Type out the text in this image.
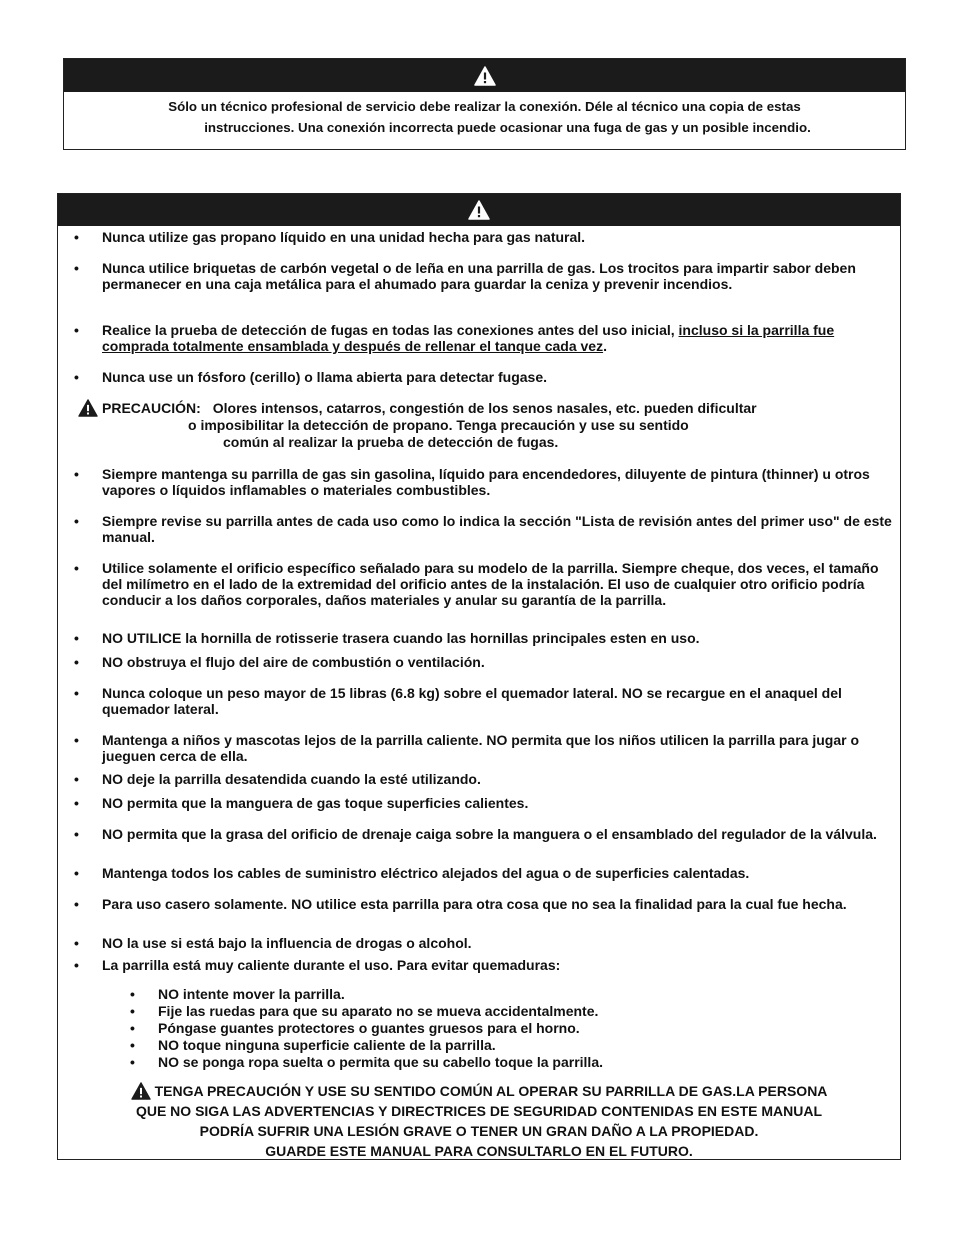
Sólo un técnico profesional de servicio debe realizar la conexión. Déle al técnico una copia de estas
instrucciones. Una conexión incorrecta puede ocasionar una fuga de gas y un posible incendio.
• Nunca utilize gas propano líquido en una unidad hecha para gas natural.
• Nunca utilice briquetas de carbón vegetal o de leña en una parrilla de gas. Los trocitos para impartir sabor deben permanecer en una caja metálica para el ahumado para guardar la ceniza y prevenir incendios.
• Realice la prueba de detección de fugas en todas las conexiones antes del uso inicial, incluso si la parrilla fue comprada totalmente ensamblada y después de rellenar el tanque cada vez.
• Nunca use un fósforo (cerillo) o llama abierta para detectar fugase.
PRECAUCIÓN: Olores intensos, catarros, congestión de los senos nasales, etc. pueden dificultar
o imposibilitar la detección de propano. Tenga precaución y use su sentido
común al realizar la prueba de detección de fugas.
• Siempre mantenga su parrilla de gas sin gasolina, líquido para encendedores, diluyente de pintura (thinner) u otros vapores o líquidos inflamables o materiales combustibles.
• Siempre revise su parrilla antes de cada uso como lo indica la sección "Lista de revisión antes del primer uso" de este manual.
• Utilice solamente el orificio específico señalado para su modelo de la parrilla. Siempre cheque, dos veces, el tamaño del milímetro en el lado de la extremidad del orificio antes de la instalación. El uso de cualquier otro orificio podría conducir a los daños corporales, daños materiales y anular su garantía de la parrilla.
• NO UTILICE la hornilla de rotisserie trasera cuando las hornillas principales esten en uso.
• NO obstruya el flujo del aire de combustión o ventilación.
• Nunca coloque un peso mayor de 15 libras (6.8 kg) sobre el quemador lateral. NO se recargue en el anaquel del quemador lateral.
• Mantenga a niños y mascotas lejos de la parrilla caliente. NO permita que los niños utilicen la parrilla para jugar o jueguen cerca de ella.
• NO deje la parrilla desatendida cuando la esté utilizando.
• NO permita que la manguera de gas toque superficies calientes.
• NO permita que la grasa del orificio de drenaje caiga sobre la manguera o el ensamblado del regulador de la válvula.
• Mantenga todos los cables de suministro eléctrico alejados del agua o de superficies calentadas.
• Para uso casero solamente. NO utilice esta parrilla para otra cosa que no sea la finalidad para la cual fue hecha.
• NO la use si está bajo la influencia de drogas o alcohol.
• La parrilla está muy caliente durante el uso. Para evitar quemaduras:
• NO intente mover la parrilla.
• Fije las ruedas para que su aparato no se mueva accidentalmente.
• Póngase guantes protectores o guantes gruesos para el horno.
• NO toque ninguna superficie caliente de la parrilla.
• NO se ponga ropa suelta o permita que su cabello toque la parrilla.
TENGA PRECAUCIÓN Y USE SU SENTIDO COMÚN AL OPERAR SU PARRILLA DE GAS.LA PERSONA
QUE NO SIGA LAS ADVERTENCIAS Y DIRECTRICES DE SEGURIDAD CONTENIDAS EN ESTE MANUAL
PODRÍA SUFRIR UNA LESIÓN GRAVE O TENER UN GRAN DAÑO A LA PROPIEDAD.
GUARDE ESTE MANUAL PARA CONSULTARLO EN EL FUTURO.
